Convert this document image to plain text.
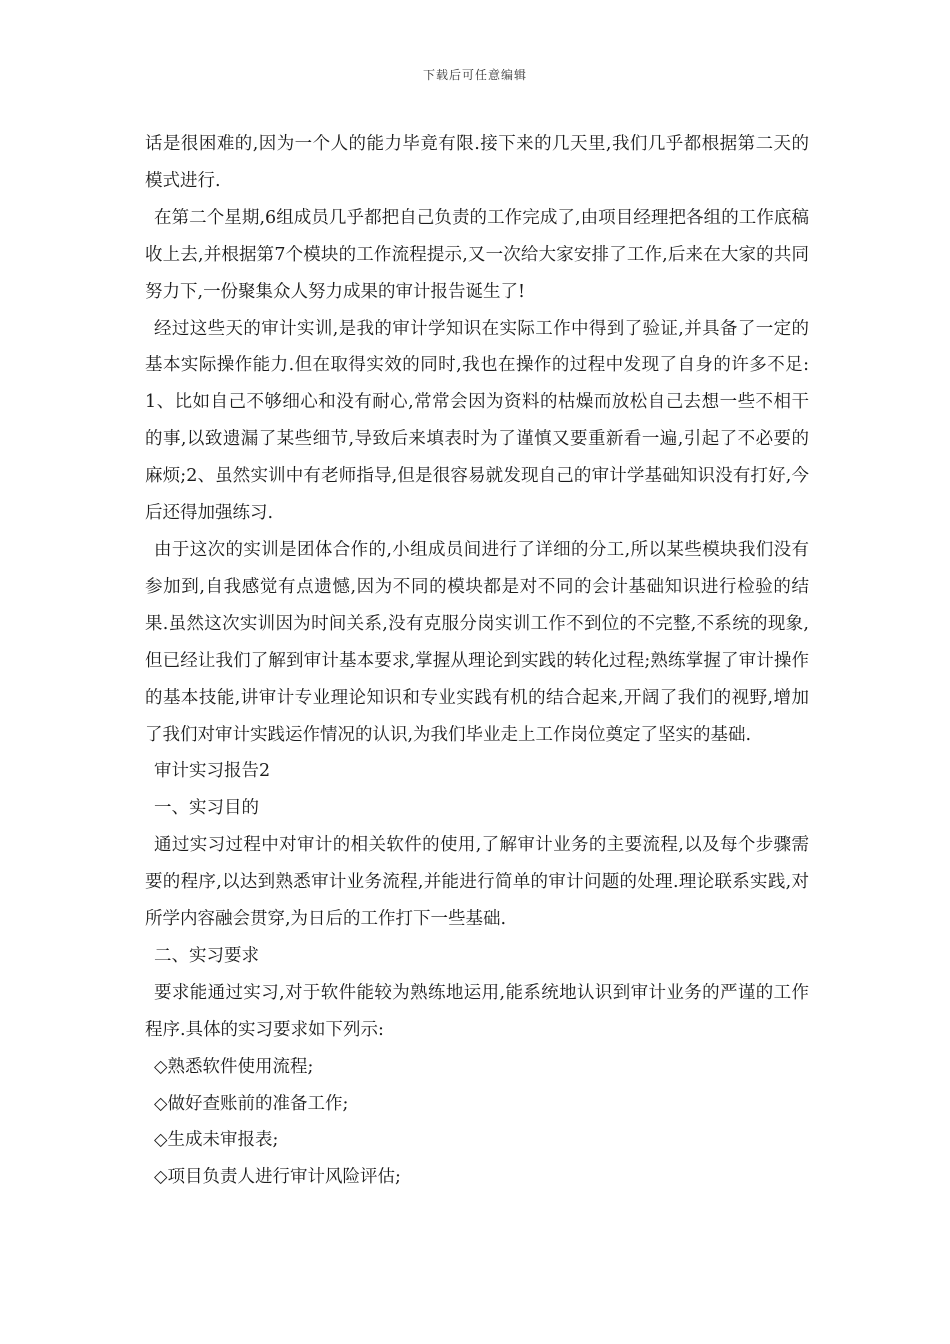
下载后可任意编辑

话是很困难的,因为一个人的能力毕竟有限.接下来的几天里,我们几乎都根据第二天的模式进行.

在第二个星期,6组成员几乎都把自己负责的工作完成了,由项目经理把各组的工作底稿收上去,并根据第7个模块的工作流程提示,又一次给大家安排了工作,后来在大家的共同努力下,一份聚集众人努力成果的审计报告诞生了!

经过这些天的审计实训,是我的审计学知识在实际工作中得到了验证,并具备了一定的基本实际操作能力.但在取得实效的同时,我也在操作的过程中发现了自身的许多不足:1、比如自己不够细心和没有耐心,常常会因为资料的枯燥而放松自己去想一些不相干的事,以致遗漏了某些细节,导致后来填表时为了谨慎又要重新看一遍,引起了不必要的麻烦;2、虽然实训中有老师指导,但是很容易就发现自己的审计学基础知识没有打好,今后还得加强练习.

由于这次的实训是团体合作的,小组成员间进行了详细的分工,所以某些模块我们没有参加到,自我感觉有点遗憾,因为不同的模块都是对不同的会计基础知识进行检验的结果.虽然这次实训因为时间关系,没有克服分岗实训工作不到位的不完整,不系统的现象,但已经让我们了解到审计基本要求,掌握从理论到实践的转化过程;熟练掌握了审计操作的基本技能,讲审计专业理论知识和专业实践有机的结合起来,开阔了我们的视野,增加了我们对审计实践运作情况的认识,为我们毕业走上工作岗位奠定了坚实的基础.

审计实习报告2

一、实习目的

通过实习过程中对审计的相关软件的使用,了解审计业务的主要流程,以及每个步骤需要的程序,以达到熟悉审计业务流程,并能进行简单的审计问题的处理.理论联系实践,对所学内容融会贯穿,为日后的工作打下一些基础.

二、实习要求

要求能通过实习,对于软件能较为熟练地运用,能系统地认识到审计业务的严谨的工作程序.具体的实习要求如下列示:

◇熟悉软件使用流程;

◇做好查账前的准备工作;

◇生成未审报表;

◇项目负责人进行审计风险评估;
